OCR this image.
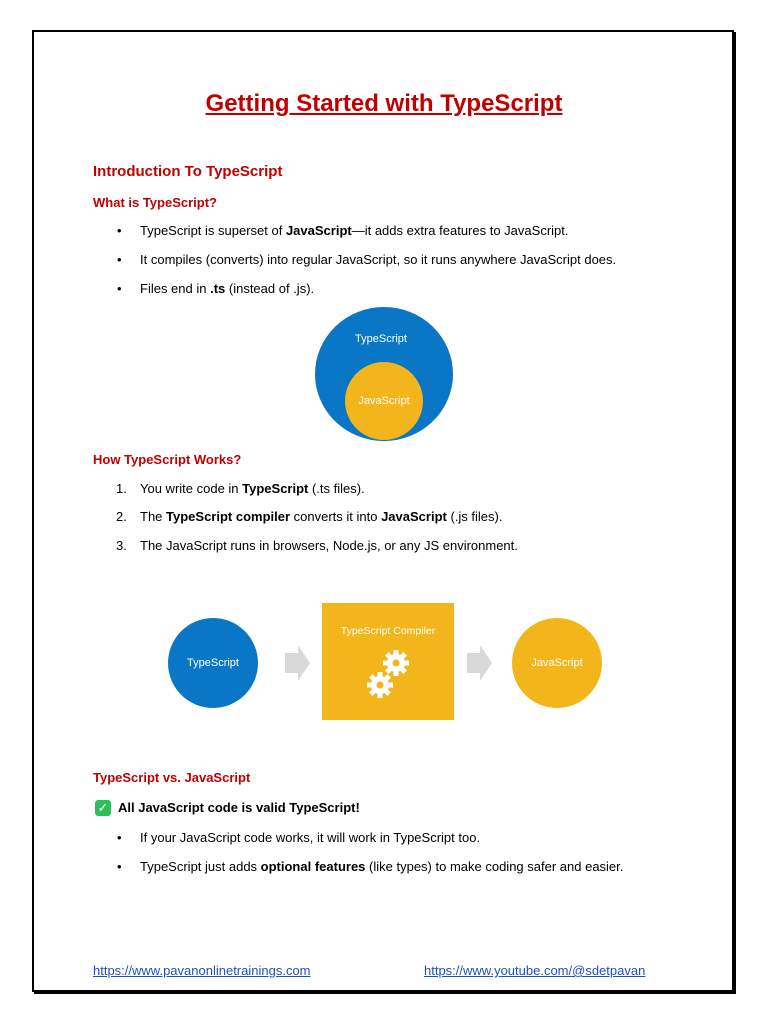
Getting Started with TypeScript
Introduction To TypeScript
What is TypeScript?
• TypeScript is superset of JavaScript—it adds extra features to JavaScript.
• It compiles (converts) into regular JavaScript, so it runs anywhere JavaScript does.
• Files end in .ts (instead of .js).
TypeScript
JavaScript
How TypeScript Works?
1. You write code in TypeScript (.ts files).
2. The TypeScript compiler converts it into JavaScript (.js files).
3. The JavaScript runs in browsers, Node.js, or any JS environment.
TypeScript
TypeScript Compiler
JavaScript
TypeScript vs. JavaScript
✓ All JavaScript code is valid TypeScript!
• If your JavaScript code works, it will work in TypeScript too.
• TypeScript just adds optional features (like types) to make coding safer and easier.
https://www.pavanonlinetrainings.com	https://www.youtube.com/@sdetpavan
